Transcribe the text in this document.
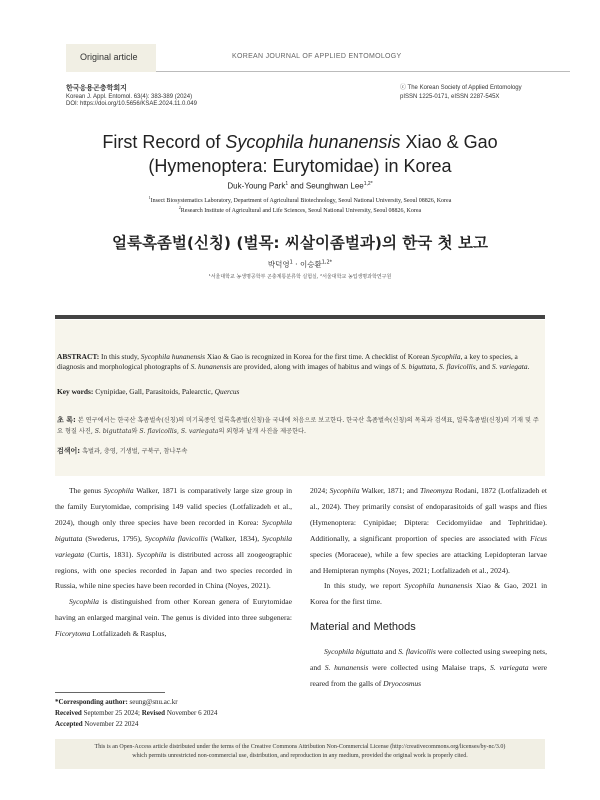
Original article	KOREAN JOURNAL OF APPLIED ENTOMOLOGY
한국응용곤충학회지
Korean J. Appl. Entomol. 63(4): 383-389 (2024)
DOI: https://doi.org/10.5656/KSAE.2024.11.0.049
ⓒ The Korean Society of Applied Entomology
pISSN 1225-0171, eISSN 2287-545X
First Record of Sycophila hunanensis Xiao & Gao
(Hymenoptera: Eurytomidae) in Korea
Duk-Young Park$^1$ and Seunghwan Lee$^{1,2*}$
$^1$Insect Biosystematics Laboratory, Department of Agricultural Biotechnology, Seoul National University, Seoul 08826, Korea
$^2$Research Institute of Agricultural and Life Sciences, Seoul National University, Seoul 08826, Korea
얼룩혹좀벌(신칭) (벌목: 씨살이좀벌과)의 한국 첫 보고
박덕영$^1$ · 이승환$^{1,2*}$
¹서울대학교 농생명공학부 곤충계통분류학 실험실, ²서울대학교 농업생명과학연구원
ABSTRACT: In this study, Sycophila hunanensis Xiao & Gao is recognized in Korea for the first time. A checklist of Korean Sycophila, a key to species, a diagnosis and morphological photographs of S. hunanensis are provided, along with images of habitus and wings of S. biguttata, S. flavicollis, and S. variegata.
Key words: Cynipidae, Gall, Parasitoids, Palearctic, Quercus
초 록: 본 연구에서는 한국산 혹좀벌속(신칭)의 미기록종인 얼룩혹좀벌(신칭)을 국내에 처음으로 보고한다. 한국산 혹좀벌속(신칭)의 목록과 검색표, 얼룩혹좀벌(신칭)의 기재 및 주요 형질 사진, S. biguttata와 S. flavicollis, S. variegata의 외형과 날개 사진을 제공한다.
검색어: 혹벌과, 충영, 기생벌, 구북구, 참나무속

The genus Sycophila Walker, 1871 is comparatively large size group in the family Eurytomidae, comprising 149 valid species (Lotfalizadeh et al., 2024), though only three species have been recorded in Korea: Sycophila biguttata (Swederus, 1795), Sycophila flavicollis (Walker, 1834), Sycophila variegata (Curtis, 1831). Sycophila is distributed across all zoogeographic regions, with one species recorded in Japan and two species recorded in Russia, while nine species have been recorded in China (Noyes, 2021).

Sycophila is distinguished from other Korean genera of Eurytomidae having an enlarged marginal vein. The genus is divided into three subgenera: Ficorytoma Lotfalizadeh & Rasplus,

2024; Sycophila Walker, 1871; and Tineomyza Rodani, 1872 (Lotfalizadeh et al., 2024). They primarily consist of endoparasitoids of gall wasps and flies (Hymenoptera: Cynipidae; Diptera: Cecidomyiidae and Tephritidae). Additionally, a significant proportion of species are associated with Ficus species (Moraceae), while a few species are attacking Lepidopteran larvae and Hemipteran nymphs (Noyes, 2021; Lotfalizadeh et al., 2024).

In this study, we report Sycophila hunanensis Xiao & Gao, 2021 in Korea for the first time.

Material and Methods

Sycophila biguttata and S. flavicollis were collected using sweeping nets, and S. hunanensis were collected using Malaise traps, S. variegata were reared from the galls of Dryocosmus

*Corresponding author: seung@snu.ac.kr
Received September 25 2024; Revised November 6 2024
Accepted November 22 2024
This is an Open-Access article distributed under the terms of the Creative Commons Attribution Non-Commercial License (http://creativecommons.org/licenses/by-nc/3.0)
which permits unrestricted non-commercial use, distribution, and reproduction in any medium, provided the original work is properly cited.
